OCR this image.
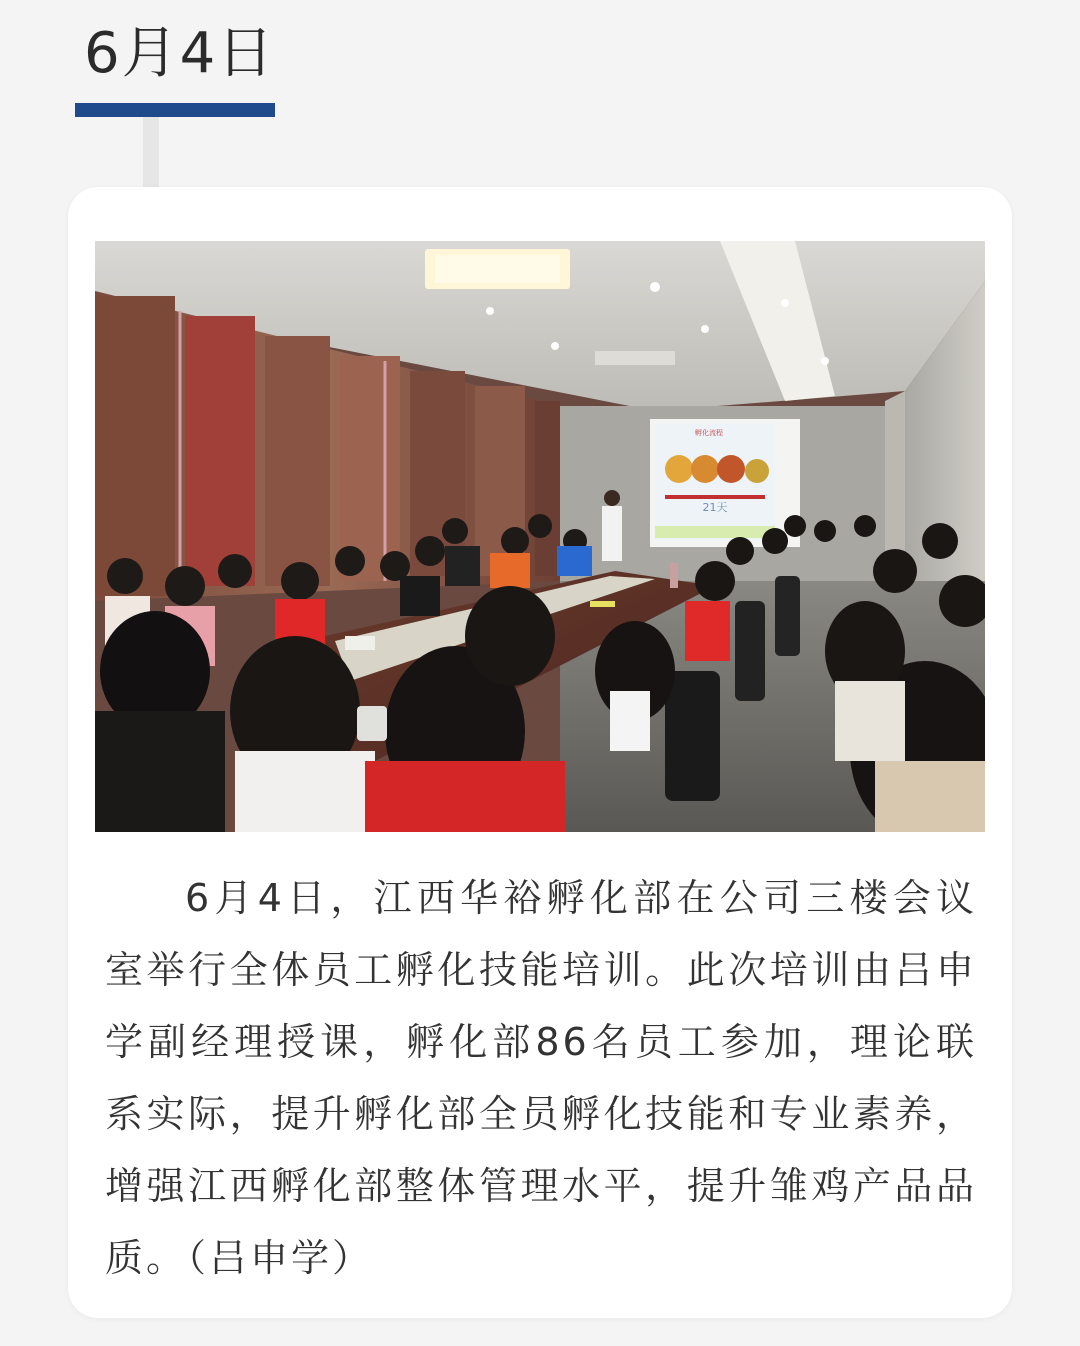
6月4日
21天
孵化流程
6月4日，江西华裕孵化部在公司三楼会议室举行全体员工孵化技能培训。此次培训由吕申学副经理授课，孵化部86名员工参加，理论联系实际，提升孵化部全员孵化技能和专业素养，增强江西孵化部整体管理水平，提升雏鸡产品品质。（吕申学）
